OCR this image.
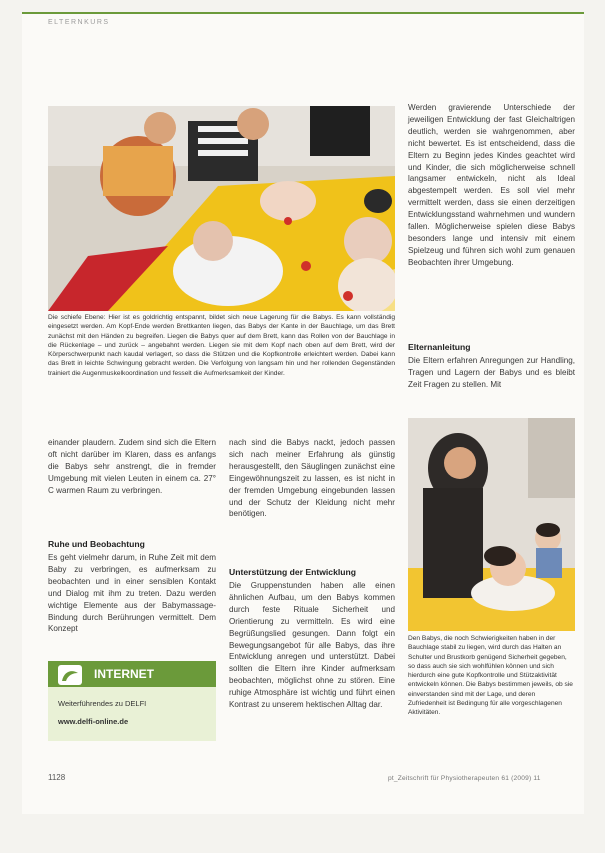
ELTERNKURS
Die schiefe Ebene: Hier ist es goldrichtig entspannt, bildet sich neue Lagerung für die Babys. Es kann vollständig eingesetzt werden. Am Kopf-Ende werden Brettkanten liegen, das Babys der Kante in der Bauchlage, um das Brett zunächst mit den Händen zu begreifen. Liegen die Babys quer auf dem Brett, kann das Rollen von der Bauchlage in die Rückenlage – und zurück – angebahnt werden. Liegen sie mit dem Kopf nach oben auf dem Brett, wird der Körperschwerpunkt nach kaudal verlagert, so dass die Stützen und die Kopfkontrolle erleichtert werden. Dabei kann das Brett in leichte Schwingung gebracht werden. Die Verfolgung von langsam hin und her rollenden Gegenständen trainiert die Augenmuskelkoordination und fesselt die Aufmerksamkeit der Kinder.

Werden gravierende Unterschiede der jeweiligen Entwicklung der fast Gleichaltrigen deutlich, werden sie wahrgenommen, aber nicht bewertet. Es ist entscheidend, dass die Eltern zu Beginn jedes Kindes geachtet wird und Kinder, die sich möglicherweise schnell langsamer entwickeln, nicht als Ideal abgestempelt werden. Es soll viel mehr vermittelt werden, dass sie einen derzeitigen Entwicklungsstand wahrnehmen und wundern fallen. Möglicherweise spielen diese Babys besonders lange und intensiv mit einem Spielzeug und führen sich wohl zum genauen Beobachten ihrer Umgebung.

Elternanleitung

Die Eltern erfahren Anregungen zur Handling, Tragen und Lagern der Babys und es bleibt Zeit Fragen zu stellen. Mit

einander plaudern. Zudem sind sich die Eltern oft nicht darüber im Klaren, dass es anfangs die Babys sehr anstrengt, die in fremder Umgebung mit vielen Leuten in einem ca. 27° C warmen Raum zu verbringen.

Ruhe und Beobachtung

Es geht vielmehr darum, in Ruhe Zeit mit dem Baby zu verbringen, es aufmerksam zu beobachten und in einer sensiblen Kontakt und Dialog mit ihm zu treten. Dazu werden wichtige Elemente aus der Babymassage-Bindung durch Berührungen vermittelt. Dem Konzept

INTERNET
Weiterführendes zu DELFI
www.delfi-online.de

nach sind die Babys nackt, jedoch passen sich nach meiner Erfahrung als günstig herausgestellt, den Säuglingen zunächst eine Eingewöhnungszeit zu lassen, es ist nicht in der fremden Umgebung eingebunden lassen und der Schutz der Kleidung nicht mehr benötigen.

Unterstützung der Entwicklung

Die Gruppenstunden haben alle einen ähnlichen Aufbau, um den Babys kommen durch feste Rituale Sicherheit und Orientierung zu vermitteln. Es wird eine Begrüßungslied gesungen. Dann folgt ein Bewegungsangebot für alle Babys, das ihre Entwicklung anregen und unterstützt. Dabei sollten die Eltern ihre Kinder aufmerksam beobachten, möglichst ohne zu stören. Eine ruhige Atmosphäre ist wichtig und führt einen Kontrast zu unserem hektischen Alltag dar.

Den Babys, die noch Schwierigkeiten haben in der Bauchlage stabil zu liegen, wird durch das Halten an Schulter und Brustkorb genügend Sicherheit gegeben, so dass auch sie sich wohlfühlen können und sich hierdurch eine gute Kopfkontrolle und Stützaktivität entwickeln können. Die Babys bestimmen jeweils, ob sie einverstanden sind mit der Lage, und deren Zufriedenheit ist Bedingung für alle vorgeschlagenen Aktivitäten.
1128	pt_Zeitschrift für Physiotherapeuten 61 (2009) 11
